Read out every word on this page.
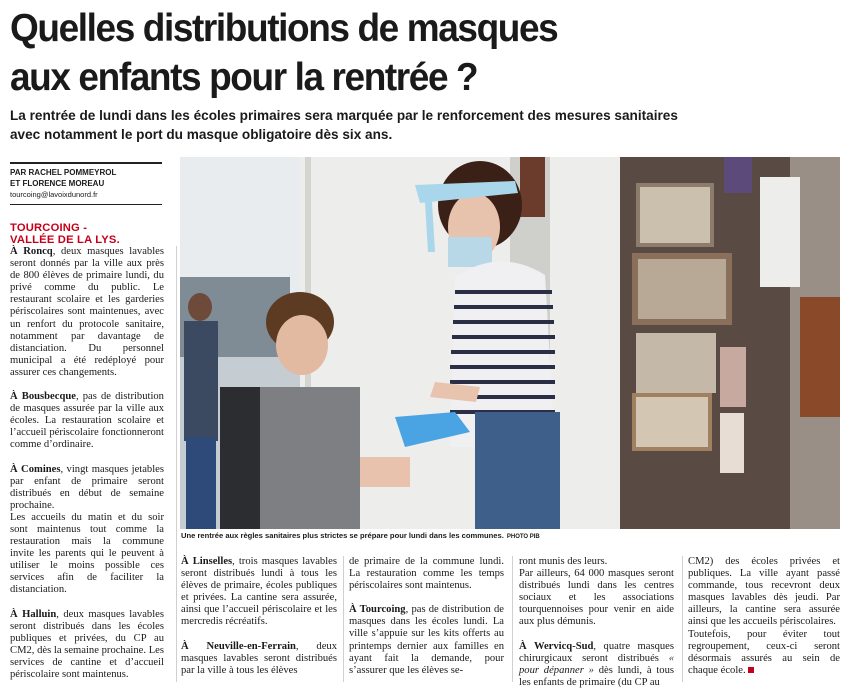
Quelles distributions de masques
aux enfants pour la rentrée ?
La rentrée de lundi dans les écoles primaires sera marquée par le renforcement des mesures sanitaires
avec notamment le port du masque obligatoire dès six ans.
PAR RACHEL POMMEYROL
ET FLORENCE MOREAU
tourcoing@lavoixdunord.fr
TOURCOING -
VALLÉE DE LA LYS.

À Roncq, deux masques lavables seront donnés par la ville aux près de 800 élèves de primaire lundi, du privé comme du public. Le restaurant scolaire et les garderies périscolaires sont maintenues, avec un renfort du protocole sanitaire, notamment par davantage de distanciation. Du personnel municipal a été redéployé pour assurer ces changements.

À Bousbecque, pas de distribution de masques assurée par la ville aux écoles. La restauration scolaire et l’accueil périscolaire fonctionneront comme d’ordinaire.

À Comines, vingt masques jetables par enfant de primaire seront distribués en début de semaine prochaine.

Les accueils du matin et du soir sont maintenus tout comme la restauration mais la commune invite les parents qui le peuvent à utiliser le moins possible ces services afin de faciliter la distanciation.

À Halluin, deux masques lavables seront distribués dans les écoles publiques et privées, du CP au CM2, dès la semaine prochaine. Les services de cantine et d’accueil périscolaire sont maintenus.

Une rentrée aux règles sanitaires plus strictes se prépare pour lundi dans les communes. PHOTO PIB

À Linselles, trois masques lavables seront distribués lundi à tous les élèves de primaire, écoles publiques et privées. La cantine sera assurée, ainsi que l’accueil périscolaire et les mercredis récréatifs.

À Neuville-en-Ferrain, deux masques lavables seront distribués par la ville à tous les élèves

de primaire de la commune lundi. La restauration comme les temps périscolaires sont maintenus.

À Tourcoing, pas de distribution de masques dans les écoles lundi. La ville s’appuie sur les kits offerts au printemps dernier aux familles en ayant fait la demande, pour s’assurer que les élèves se-

ront munis des leurs.

Par ailleurs, 64 000 masques seront distribués lundi dans les centres sociaux et les associations tourquennoises pour venir en aide aux plus démunis.

À Wervicq-Sud, quatre masques chirurgicaux seront distribués « pour dépanner » dès lundi, à tous les enfants de primaire (du CP au

CM2) des écoles privées et publiques. La ville ayant passé commande, tous recevront deux masques lavables dès jeudi. Par ailleurs, la cantine sera assurée ainsi que les accueils périscolaires.

Toutefois, pour éviter tout regroupement, ceux-ci seront désormais assurés au sein de chaque école.
